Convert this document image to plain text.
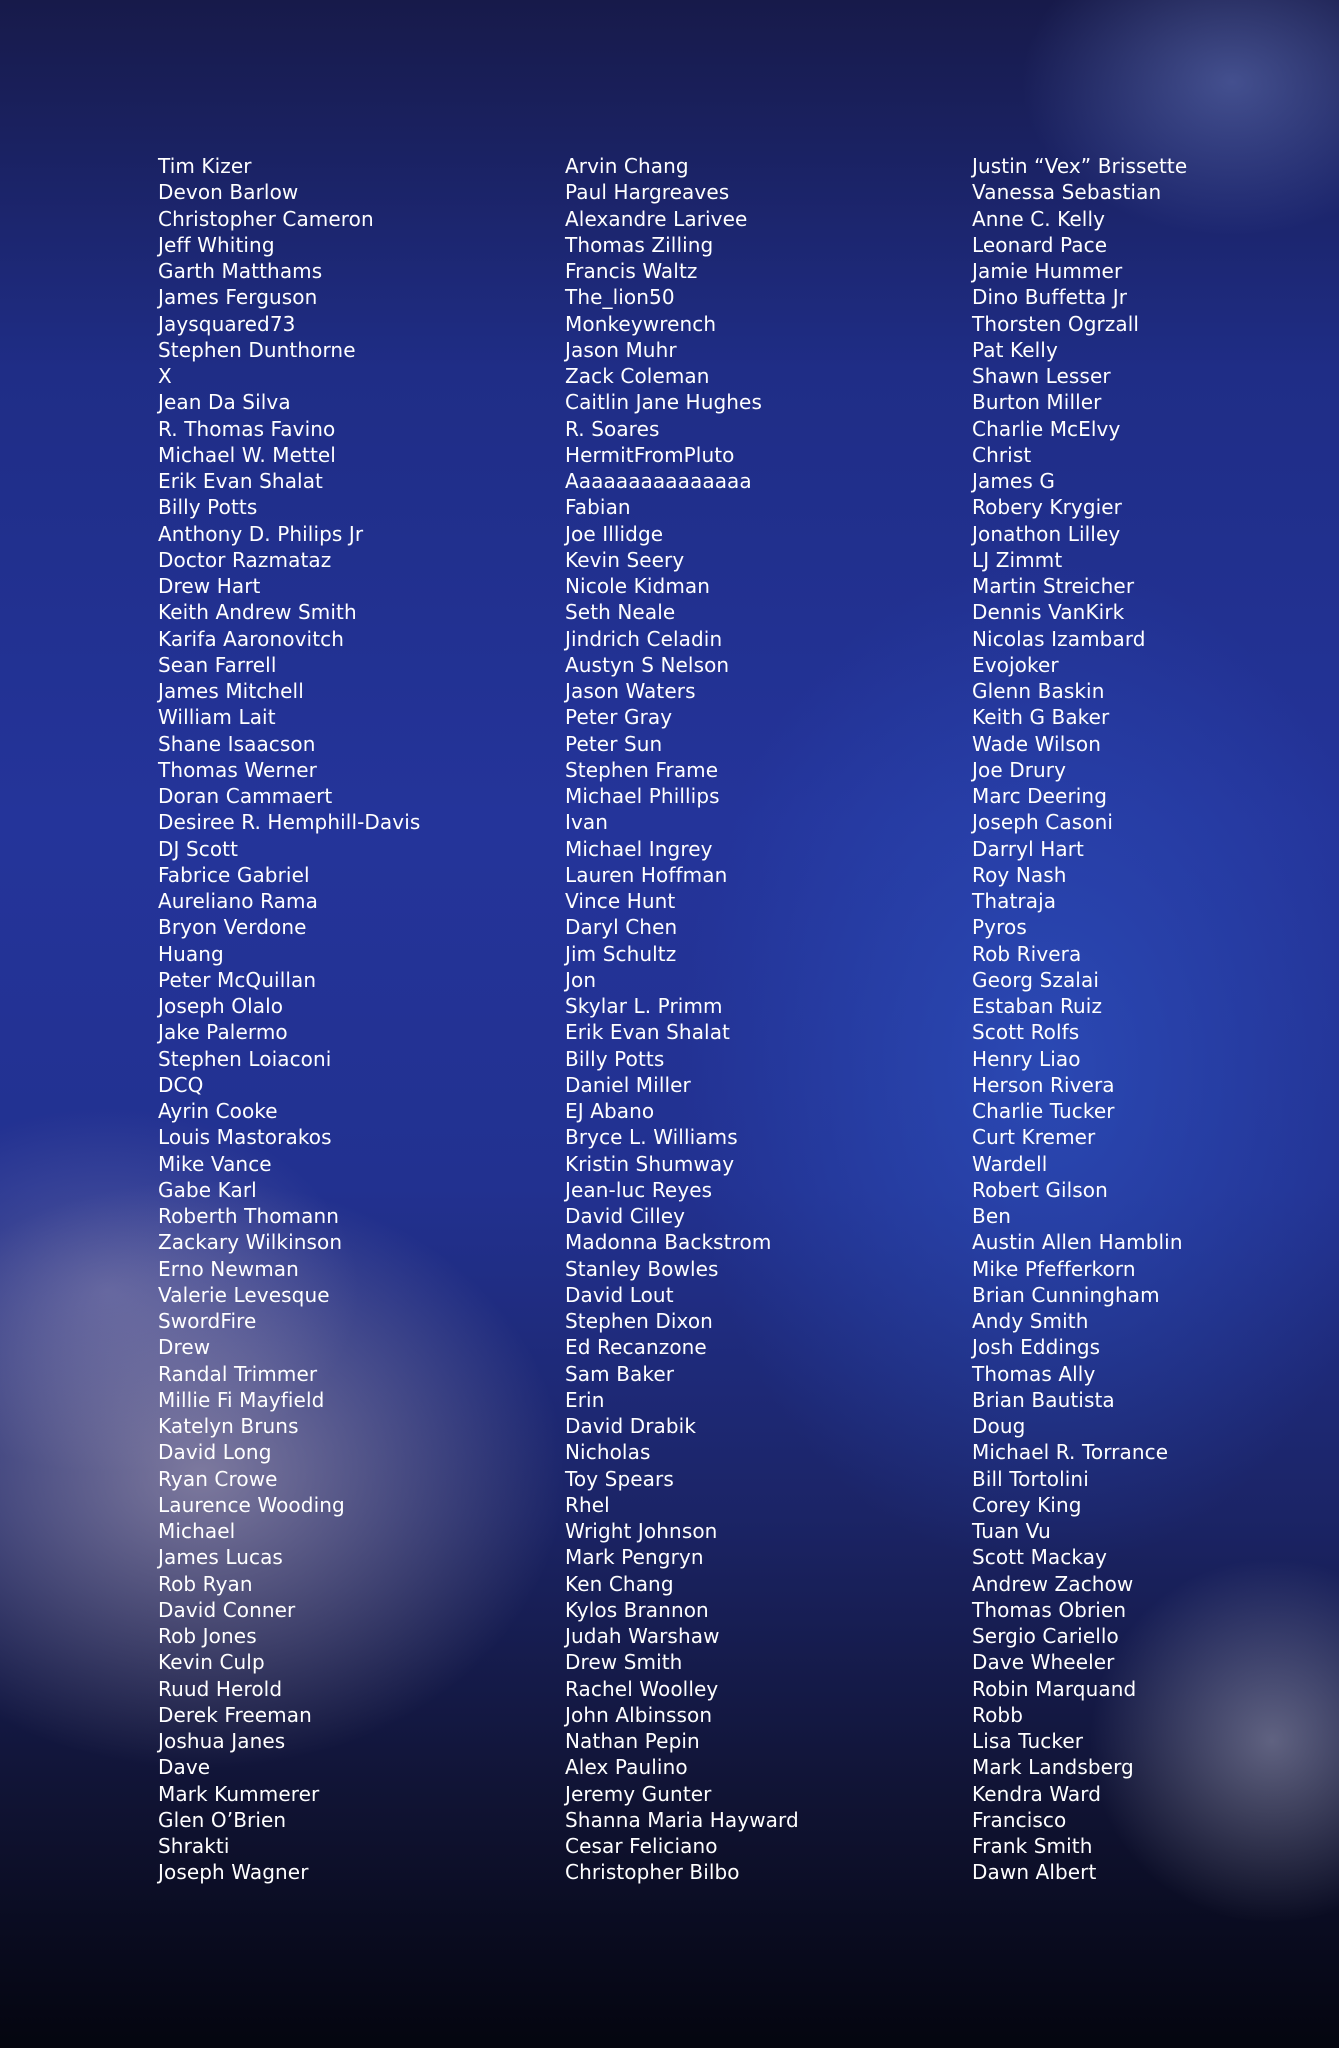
Tim Kizer
Devon Barlow
Christopher Cameron
Jeff Whiting
Garth Matthams
James Ferguson
Jaysquared73
Stephen Dunthorne
X
Jean Da Silva
R. Thomas Favino
Michael W. Mettel
Erik Evan Shalat
Billy Potts
Anthony D. Philips Jr
Doctor Razmataz
Drew Hart
Keith Andrew Smith
Karifa Aaronovitch
Sean Farrell
James Mitchell
William Lait
Shane Isaacson
Thomas Werner
Doran Cammaert
Desiree R. Hemphill-Davis
DJ Scott
Fabrice Gabriel
Aureliano Rama
Bryon Verdone
Huang
Peter McQuillan
Joseph Olalo
Jake Palermo
Stephen Loiaconi
DCQ
Ayrin Cooke
Louis Mastorakos
Mike Vance
Gabe Karl
Roberth Thomann
Zackary Wilkinson
Erno Newman
Valerie Levesque
SwordFire
Drew
Randal Trimmer
Millie Fi Mayfield
Katelyn Bruns
David Long
Ryan Crowe
Laurence Wooding
Michael
James Lucas
Rob Ryan
David Conner
Rob Jones
Kevin Culp
Ruud Herold
Derek Freeman
Joshua Janes
Dave
Mark Kummerer
Glen O’Brien
Shrakti
Joseph Wagner
Arvin Chang
Paul Hargreaves
Alexandre Larivee
Thomas Zilling
Francis Waltz
The_lion50
Monkeywrench
Jason Muhr
Zack Coleman
Caitlin Jane Hughes
R. Soares
HermitFromPluto
Aaaaaaaaaaaaaaa
Fabian
Joe Illidge
Kevin Seery
Nicole Kidman
Seth Neale
Jindrich Celadin
Austyn S Nelson
Jason Waters
Peter Gray
Peter Sun
Stephen Frame
Michael Phillips
Ivan
Michael Ingrey
Lauren Hoffman
Vince Hunt
Daryl Chen
Jim Schultz
Jon
Skylar L. Primm
Erik Evan Shalat
Billy Potts
Daniel Miller
EJ Abano
Bryce L. Williams
Kristin Shumway
Jean-luc Reyes
David Cilley
Madonna Backstrom
Stanley Bowles
David Lout
Stephen Dixon
Ed Recanzone
Sam Baker
Erin
David Drabik
Nicholas
Toy Spears
Rhel
Wright Johnson
Mark Pengryn
Ken Chang
Kylos Brannon
Judah Warshaw
Drew Smith
Rachel Woolley
John Albinsson
Nathan Pepin
Alex Paulino
Jeremy Gunter
Shanna Maria Hayward
Cesar Feliciano
Christopher Bilbo
Justin “Vex” Brissette
Vanessa Sebastian
Anne C. Kelly
Leonard Pace
Jamie Hummer
Dino Buffetta Jr
Thorsten Ogrzall
Pat Kelly
Shawn Lesser
Burton Miller
Charlie McElvy
Christ
James G
Robery Krygier
Jonathon Lilley
LJ Zimmt
Martin Streicher
Dennis VanKirk
Nicolas Izambard
Evojoker
Glenn Baskin
Keith G Baker
Wade Wilson
Joe Drury
Marc Deering
Joseph Casoni
Darryl Hart
Roy Nash
Thatraja
Pyros
Rob Rivera
Georg Szalai
Estaban Ruiz
Scott Rolfs
Henry Liao
Herson Rivera
Charlie Tucker
Curt Kremer
Wardell
Robert Gilson
Ben
Austin Allen Hamblin
Mike Pfefferkorn
Brian Cunningham
Andy Smith
Josh Eddings
Thomas Ally
Brian Bautista
Doug
Michael R. Torrance
Bill Tortolini
Corey King
Tuan Vu
Scott Mackay
Andrew Zachow
Thomas Obrien
Sergio Cariello
Dave Wheeler
Robin Marquand
Robb
Lisa Tucker
Mark Landsberg
Kendra Ward
Francisco
Frank Smith
Dawn Albert
